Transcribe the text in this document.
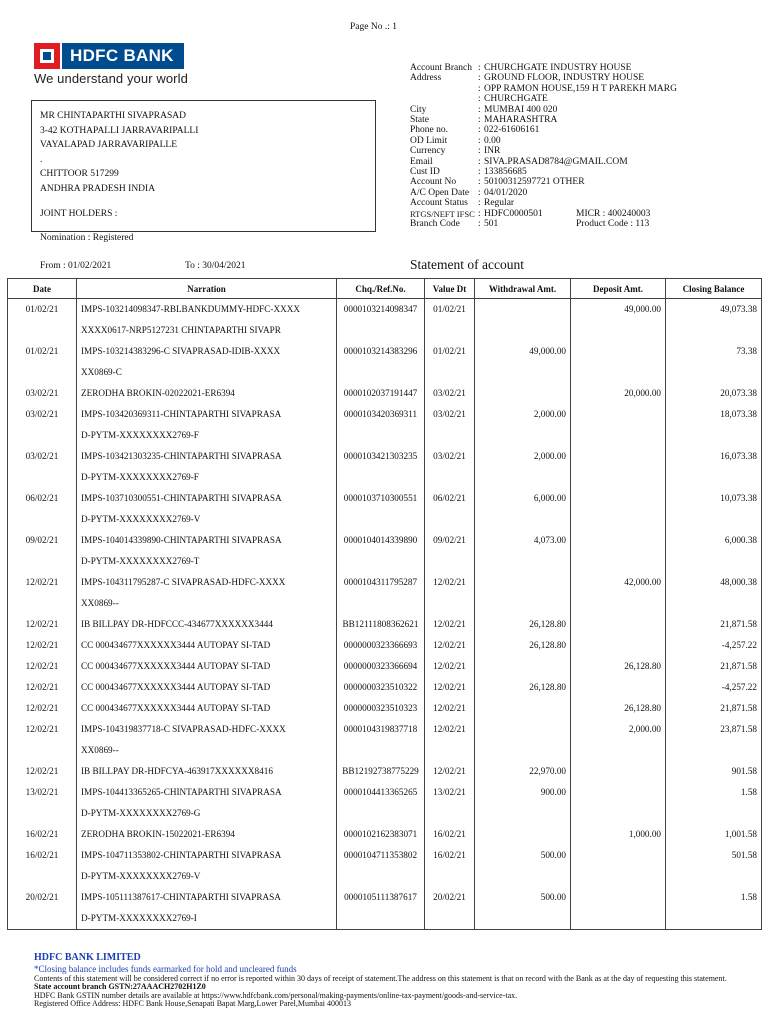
Page No .: 1
HDFC BANK
We understand your world
MR CHINTAPARTHI SIVAPRASAD
3-42 KOTHAPALLI JARRAVARIPALLI
VAYALAPAD JARRAVARIPALLE
.
CHITTOOR 517299
ANDHRA PRADESH INDIA
JOINT HOLDERS :
Nomination : Registered
Account Branch	:	CHURCHGATE INDUSTRY HOUSE
Address	:	GROUND FLOOR, INDUSTRY HOUSE
	:	OPP RAMON HOUSE,159 H T PAREKH MARG
	:	CHURCHGATE
City	:	MUMBAI 400 020
State	:	MAHARASHTRA
Phone no.	:	022-61606161
OD Limit	:	0.00
Currency	:	INR
Email	:	SIVA.PRASAD8784@GMAIL.COM
Cust ID	:	133856685
Account No	:	50100312597721 OTHER
A/C Open Date	:	04/01/2020
Account Status	:	Regular
RTGS/NEFT IFSC	:	HDFC0000501	MICR : 400240003
Branch Code	:	501	Product Code : 113
From : 01/02/2021	To : 30/04/2021	Statement of account
Date	Narration	Chq./Ref.No.	Value Dt	Withdrawal Amt.	Deposit Amt.	Closing Balance

01/02/21	IMPS-103214098347-RBLBANKDUMMY-HDFC-XXXX
XXXX0617-NRP5127231 CHINTAPARTHI SIVAPR	0000103214098347	01/02/21		49,000.00	49,073.38

01/02/21	IMPS-103214383296-C SIVAPRASAD-IDIB-XXXX
XX0869-C	0000103214383296	01/02/21	49,000.00		73.38

03/02/21	ZERODHA BROKIN-02022021-ER6394	0000102037191447	03/02/21		20,000.00	20,073.38

03/02/21	IMPS-103420369311-CHINTAPARTHI SIVAPRASA
D-PYTM-XXXXXXXX2769-F	0000103420369311	03/02/21	2,000.00		18,073.38

03/02/21	IMPS-103421303235-CHINTAPARTHI SIVAPRASA
D-PYTM-XXXXXXXX2769-F	0000103421303235	03/02/21	2,000.00		16,073.38

06/02/21	IMPS-103710300551-CHINTAPARTHI SIVAPRASA
D-PYTM-XXXXXXXX2769-V	0000103710300551	06/02/21	6,000.00		10,073.38

09/02/21	IMPS-104014339890-CHINTAPARTHI SIVAPRASA
D-PYTM-XXXXXXXX2769-T	0000104014339890	09/02/21	4,073.00		6,000.38

12/02/21	IMPS-104311795287-C SIVAPRASAD-HDFC-XXXX
XX0869--	0000104311795287	12/02/21		42,000.00	48,000.38

12/02/21	IB BILLPAY DR-HDFCCC-434677XXXXXX3444	BB12111808362621	12/02/21	26,128.80		21,871.58

12/02/21	CC 000434677XXXXXX3444 AUTOPAY SI-TAD	0000000323366693	12/02/21	26,128.80		-4,257.22

12/02/21	CC 000434677XXXXXX3444 AUTOPAY SI-TAD	0000000323366694	12/02/21		26,128.80	21,871.58

12/02/21	CC 000434677XXXXXX3444 AUTOPAY SI-TAD	0000000323510322	12/02/21	26,128.80		-4,257.22

12/02/21	CC 000434677XXXXXX3444 AUTOPAY SI-TAD	0000000323510323	12/02/21		26,128.80	21,871.58

12/02/21	IMPS-104319837718-C SIVAPRASAD-HDFC-XXXX
XX0869--	0000104319837718	12/02/21		2,000.00	23,871.58

12/02/21	IB BILLPAY DR-HDFCYA-463917XXXXXX8416	BB12192738775229	12/02/21	22,970.00		901.58

13/02/21	IMPS-104413365265-CHINTAPARTHI SIVAPRASA
D-PYTM-XXXXXXXX2769-G	0000104413365265	13/02/21	900.00		1.58

16/02/21	ZERODHA BROKIN-15022021-ER6394	0000102162383071	16/02/21		1,000.00	1,001.58

16/02/21	IMPS-104711353802-CHINTAPARTHI SIVAPRASA
D-PYTM-XXXXXXXX2769-V	0000104711353802	16/02/21	500.00		501.58

20/02/21	IMPS-105111387617-CHINTAPARTHI SIVAPRASA
D-PYTM-XXXXXXXX2769-I	0000105111387617	20/02/21	500.00		1.58
HDFC BANK LIMITED
*Closing balance includes funds earmarked for hold and uncleared funds
Contents of this statement will be considered correct if no error is reported within 30 days of receipt of statement.The address on this statement is that on record with the Bank as at the day of requesting this statement.
State account branch GSTN:27AAACH2702H1Z0
HDFC Bank GSTIN number details are available at https://www.hdfcbank.com/personal/making-payments/online-tax-payment/goods-and-service-tax.
Registered Office Address: HDFC Bank House,Senapati Bapat Marg,Lower Parel,Mumbai 400013
